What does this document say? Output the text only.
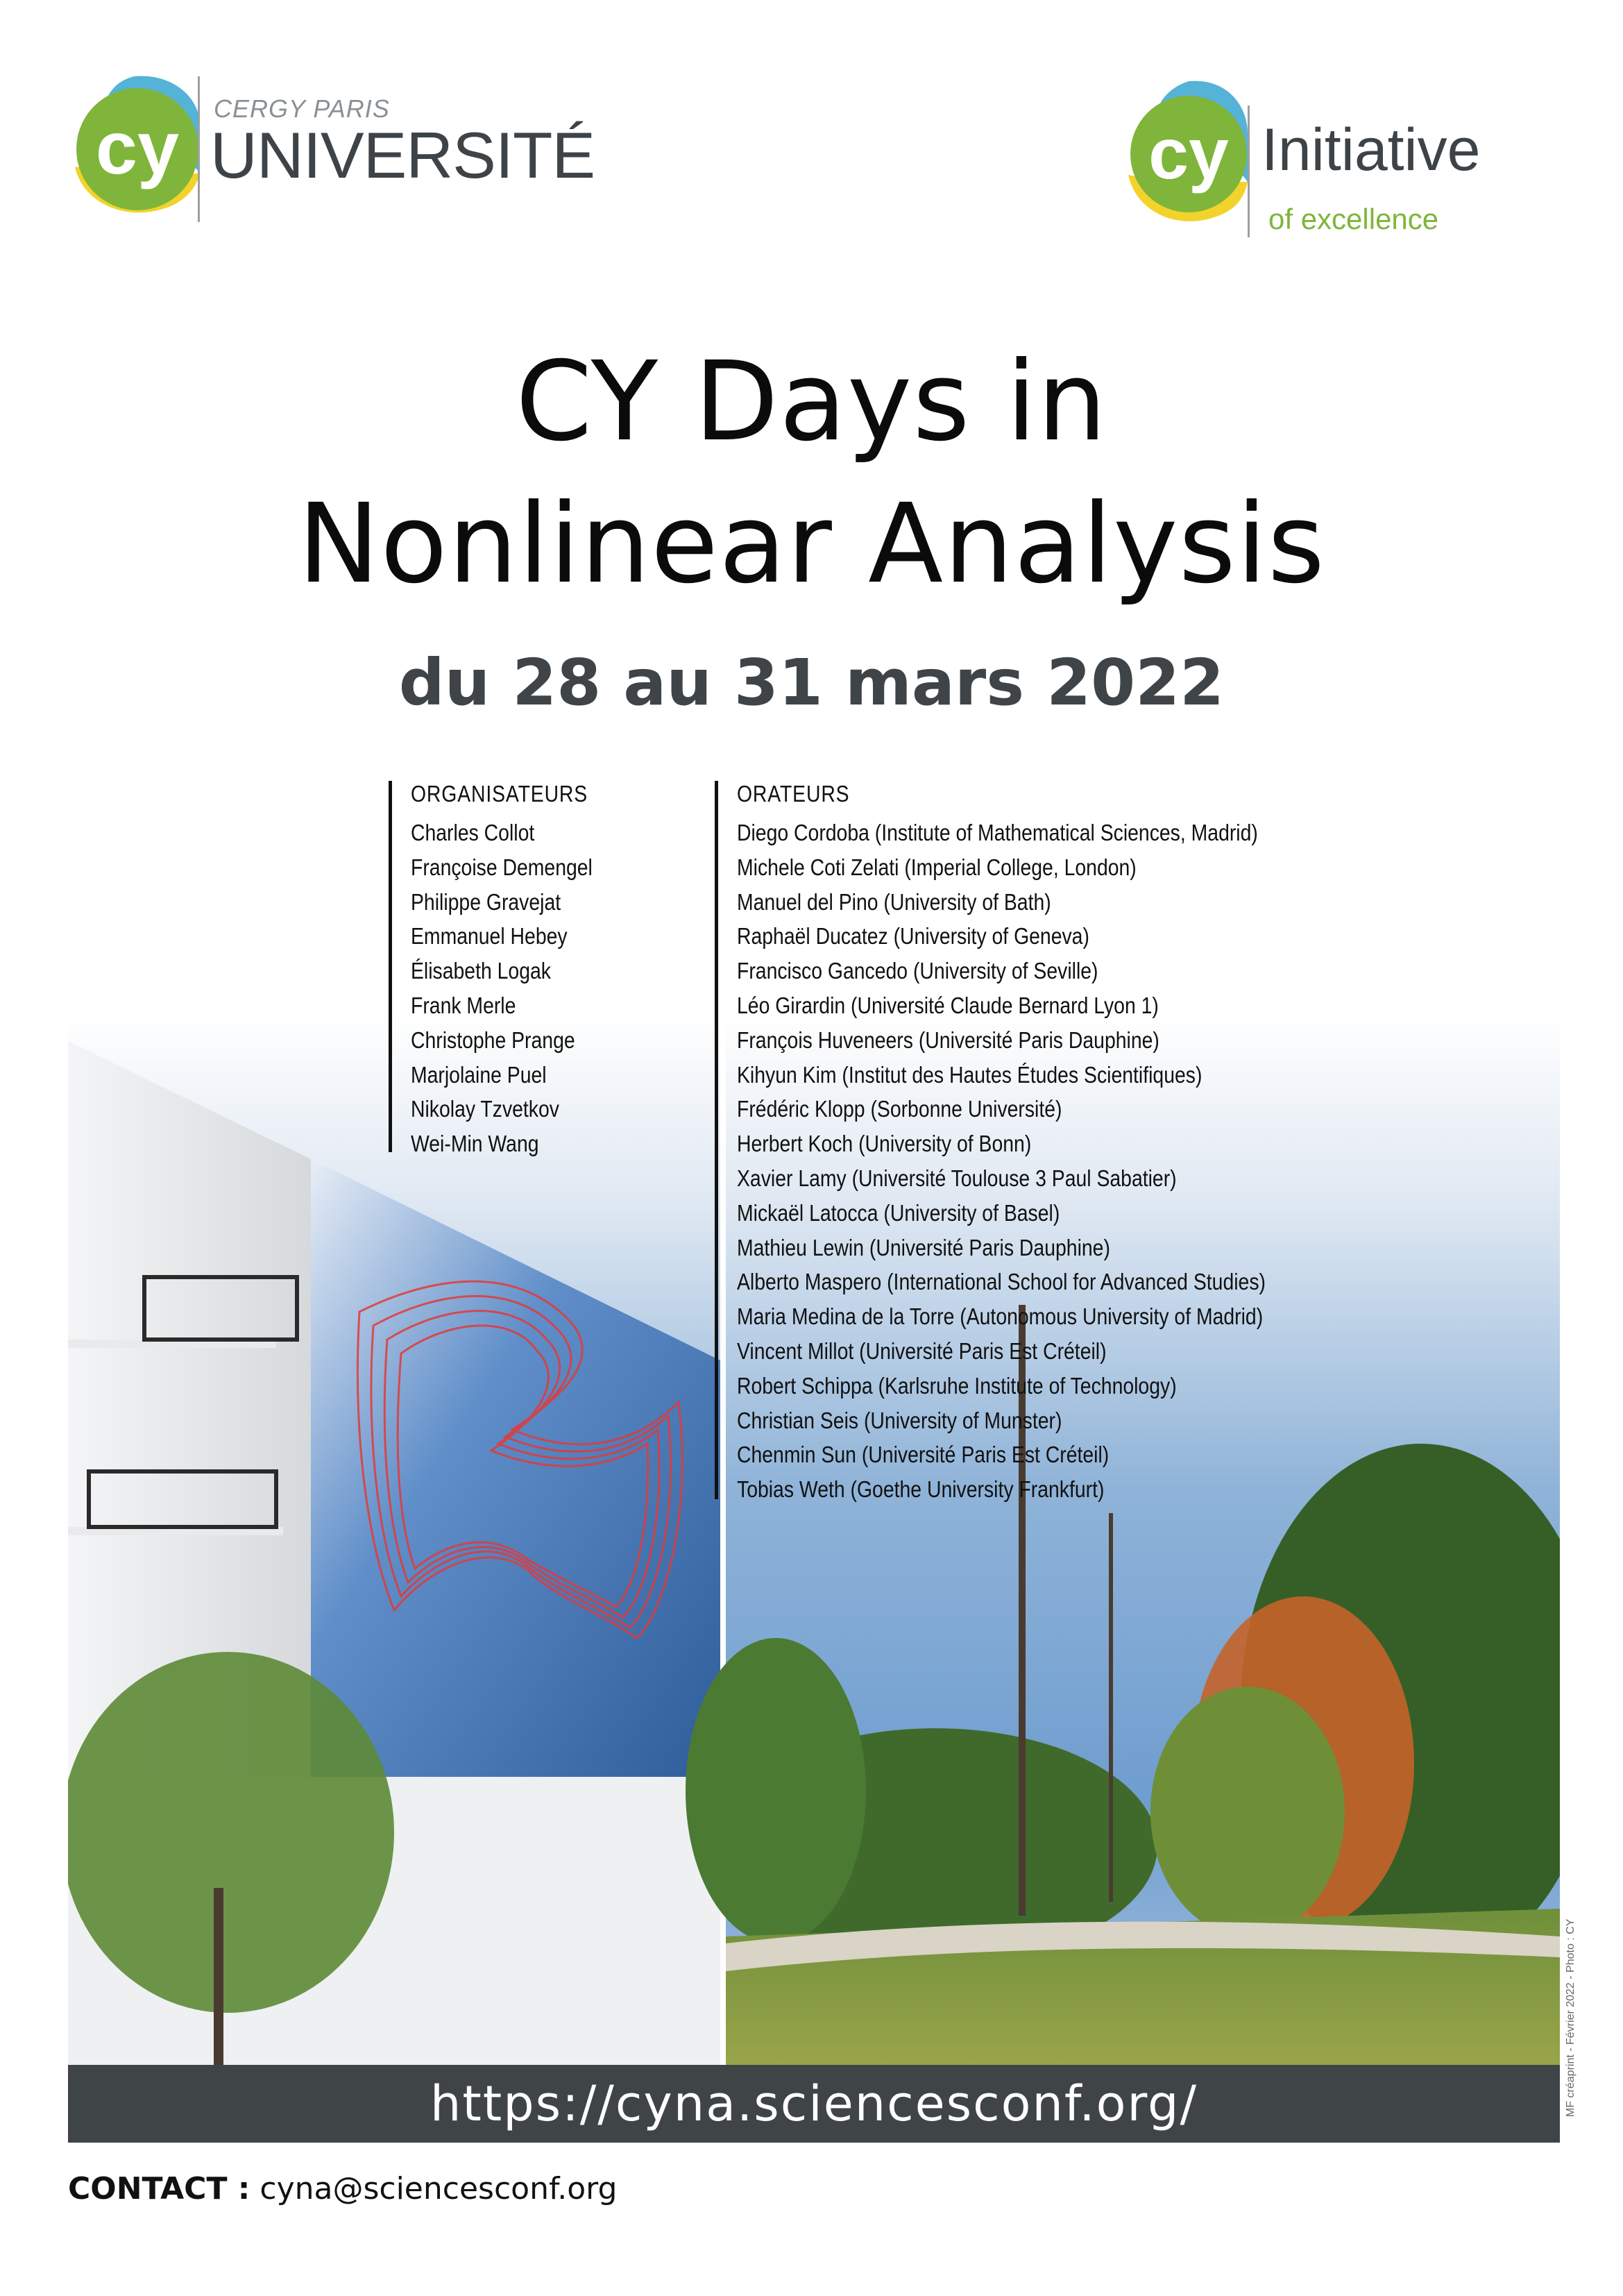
cy CERGY PARIS
UNIVERSITÉ	cy Initiative
of excellence
CY Days in
Nonlinear Analysis
du 28 au 31 mars 2022
ORGANISATEURS
Charles Collot
Françoise Demengel
Philippe Gravejat
Emmanuel Hebey
Élisabeth Logak
Frank Merle
Christophe Prange
Marjolaine Puel
Nikolay Tzvetkov
Wei-Min Wang
ORATEURS
Diego Cordoba (Institute of Mathematical Sciences, Madrid)
Michele Coti Zelati (Imperial College, London)
Manuel del Pino (University of Bath)
Raphaël Ducatez (University of Geneva)
Francisco Gancedo (University of Seville)
Léo Girardin (Université Claude Bernard Lyon 1)
François Huveneers (Université Paris Dauphine)
Kihyun Kim (Institut des Hautes Études Scientifiques)
Frédéric Klopp (Sorbonne Université)
Herbert Koch (University of Bonn)
Xavier Lamy (Université Toulouse 3 Paul Sabatier)
Mickaël Latocca (University of Basel)
Mathieu Lewin (Université Paris Dauphine)
Alberto Maspero (International School for Advanced Studies)
Maria Medina de la Torre (Autonomous University of Madrid)
Vincent Millot (Université Paris Est Créteil)
Robert Schippa (Karlsruhe Institute of Technology)
Christian Seis (University of Munster)
Chenmin Sun (Université Paris Est Créteil)
Tobias Weth (Goethe University Frankfurt)
https://cyna.sciencesconf.org/	MF créaprint - Février 2022 - Photo : CY
CONTACT : cyna@sciencesconf.org
